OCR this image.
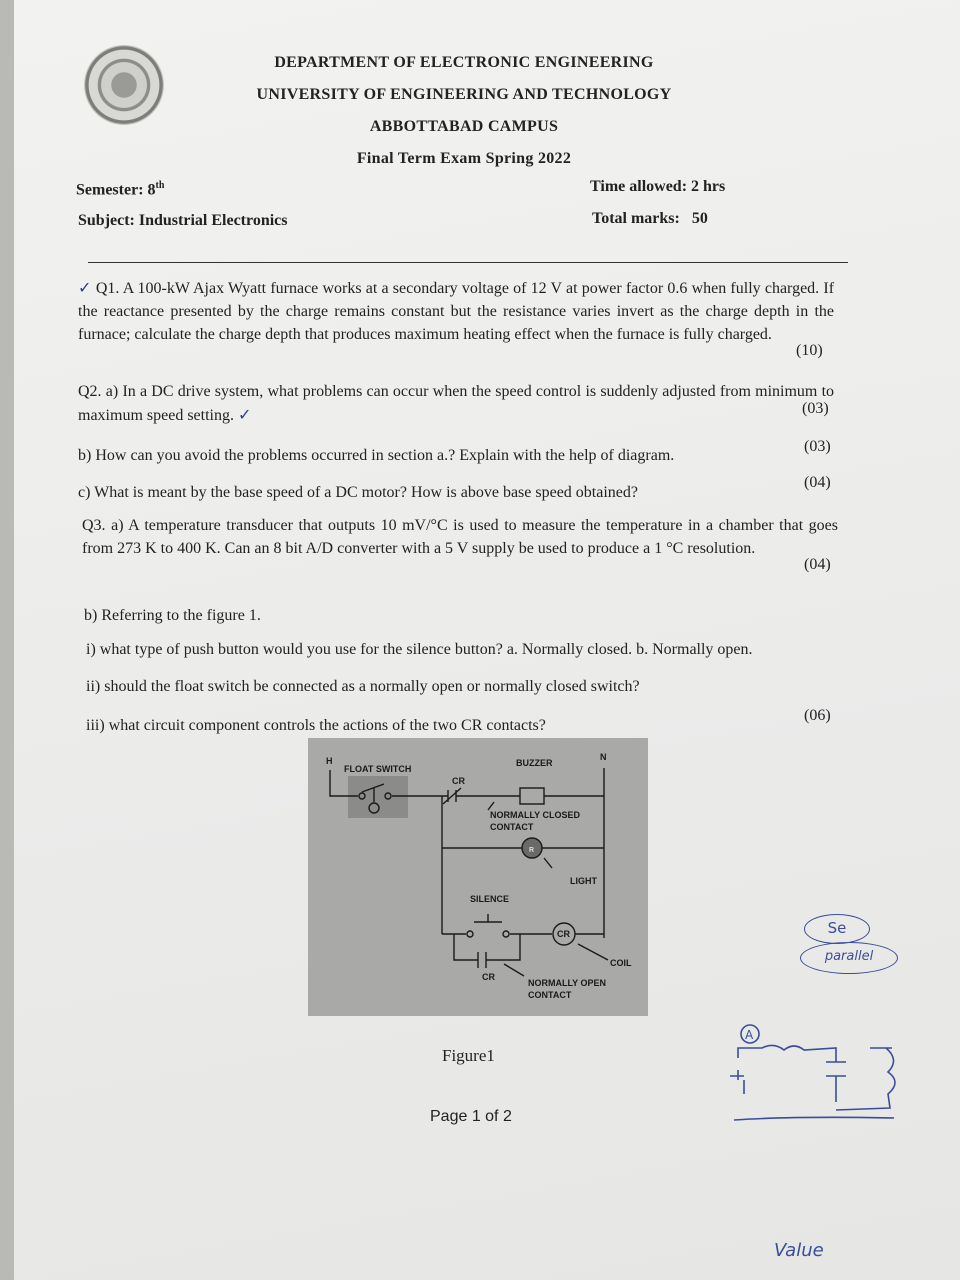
DEPARTMENT OF ELECTRONIC ENGINEERING
UNIVERSITY OF ENGINEERING AND TECHNOLOGY
ABBOTTABAD CAMPUS
Final Term Exam Spring 2022
Semester: 8th
Subject: Industrial Electronics
Time allowed: 2 hrs
Total marks:   50
✓ Q1. A 100-kW Ajax Wyatt furnace works at a secondary voltage of 12 V at power factor 0.6 when fully charged. If the reactance presented by the charge remains constant but the resistance varies invert as the charge depth in the furnace; calculate the charge depth that produces maximum heating effect when the furnace is fully charged.
(10)
Q2. a) In a DC drive system, what problems can occur when the speed control is suddenly adjusted from minimum to maximum speed setting. ✓	(03)
b) How can you avoid the problems occurred in section a.? Explain with the help of diagram.
(03)
c) What is meant by the base speed of a DC motor? How is above base speed obtained?
(04)
Q3. a) A temperature transducer that outputs 10 mV/°C is used to measure the temperature in a chamber that goes from 273 K to 400 K. Can an 8 bit A/D converter with a 5 V supply be used to produce a 1 °C resolution.
(04)
b) Referring to the figure 1.
i) what type of push button would you use for the silence button? a. Normally closed. b. Normally open.
ii) should the float switch be connected as a normally open or normally closed switch?
iii) what circuit component controls the actions of the two CR contacts?
(06)
H	N
FLOAT SWITCH
CR
BUZZER
NORMALLY CLOSED
CONTACT
R
LIGHT
SILENCE
CR
COIL
CR
NORMALLY OPEN
CONTACT
Figure1
Page 1 of 2
Se
parallel
A
Value
